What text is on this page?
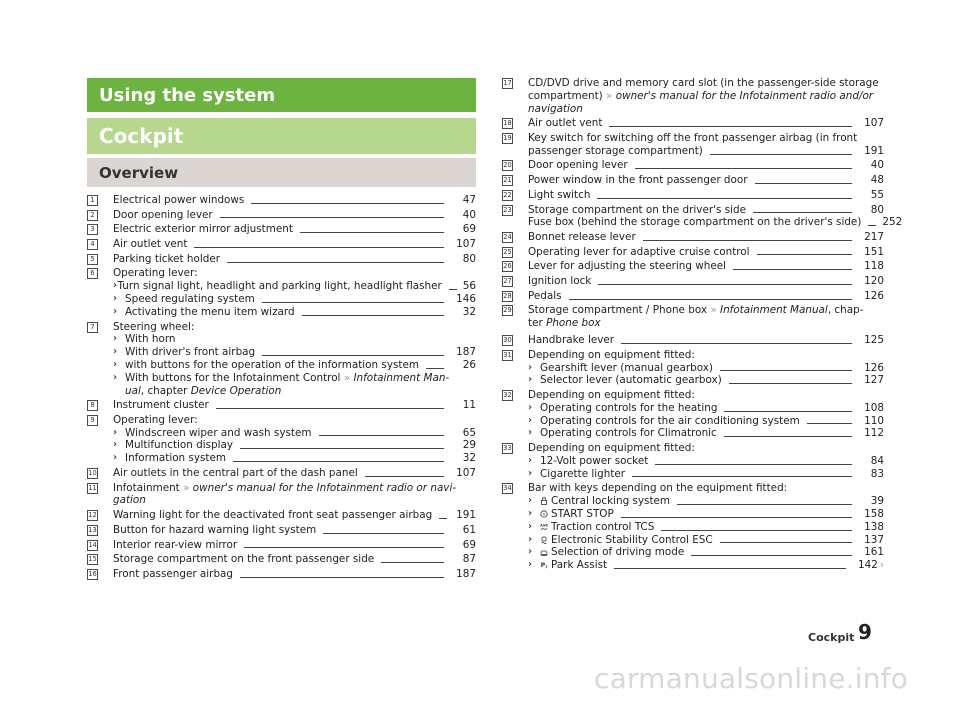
Using the system
Cockpit
Overview
1	Electrical power windows	47
2	Door opening lever	40
3	Electric exterior mirror adjustment	69
4	Air outlet vent	107
5	Parking ticket holder	80
6	Operating lever:
› Turn signal light, headlight and parking light, headlight flasher 56
› Speed regulating system	146
› Activating the menu item wizard	32
7	Steering wheel:
› With horn
› With driver's front airbag	187
› with buttons for the operation of the information system	26
› With buttons for the Infotainment Control » Infotainment Man-
ual, chapter Device Operation
8	Instrument cluster	11
9	Operating lever:
› Windscreen wiper and wash system	65
› Multifunction display	29
› Information system	32
10 Air outlets in the central part of the dash panel	107
11 Infotainment » owner's manual for the Infotainment radio or navi-
gation
12 Warning light for the deactivated front seat passenger airbag 191
13 Button for hazard warning light system	61
14 Interior rear-view mirror	69
15 Storage compartment on the front passenger side	87
16 Front passenger airbag	187
17 CD/DVD drive and memory card slot (in the passenger-side storage
compartment) » owner's manual for the Infotainment radio and/or
navigation
18 Air outlet vent	107
19 Key switch for switching off the front passenger airbag (in front
passenger storage compartment)	191
20 Door opening lever	40
21 Power window in the front passenger door	48
22 Light switch	55
23 Storage compartment on the driver's side	80
Fuse box (behind the storage compartment on the driver's side) 252
24 Bonnet release lever	217
25 Operating lever for adaptive cruise control	151
26 Lever for adjusting the steering wheel	118
27 Ignition lock	120
28 Pedals	126
29 Storage compartment / Phone box » Infotainment Manual, chap-
ter Phone box
30 Handbrake lever	125
31 Depending on equipment fitted:
› Gearshift lever (manual gearbox)	126
› Selector lever (automatic gearbox)	127
32 Depending on equipment fitted:
› Operating controls for the heating	108
› Operating controls for the air conditioning system	110
› Operating controls for Climatronic	112
33 Depending on equipment fitted:
› 12-Volt power socket	84
› Cigarette lighter	83
34 Bar with keys depending on the equipment fitted:
›	Central locking system	39
›	A START STOP	158
›	ASR Traction control TCS	138
›	Electronic Stability Control ESC	137
›	Selection of driving mode	161
›	P Park Assist	142 ›
Cockpit 9
carmanualsonline.info
